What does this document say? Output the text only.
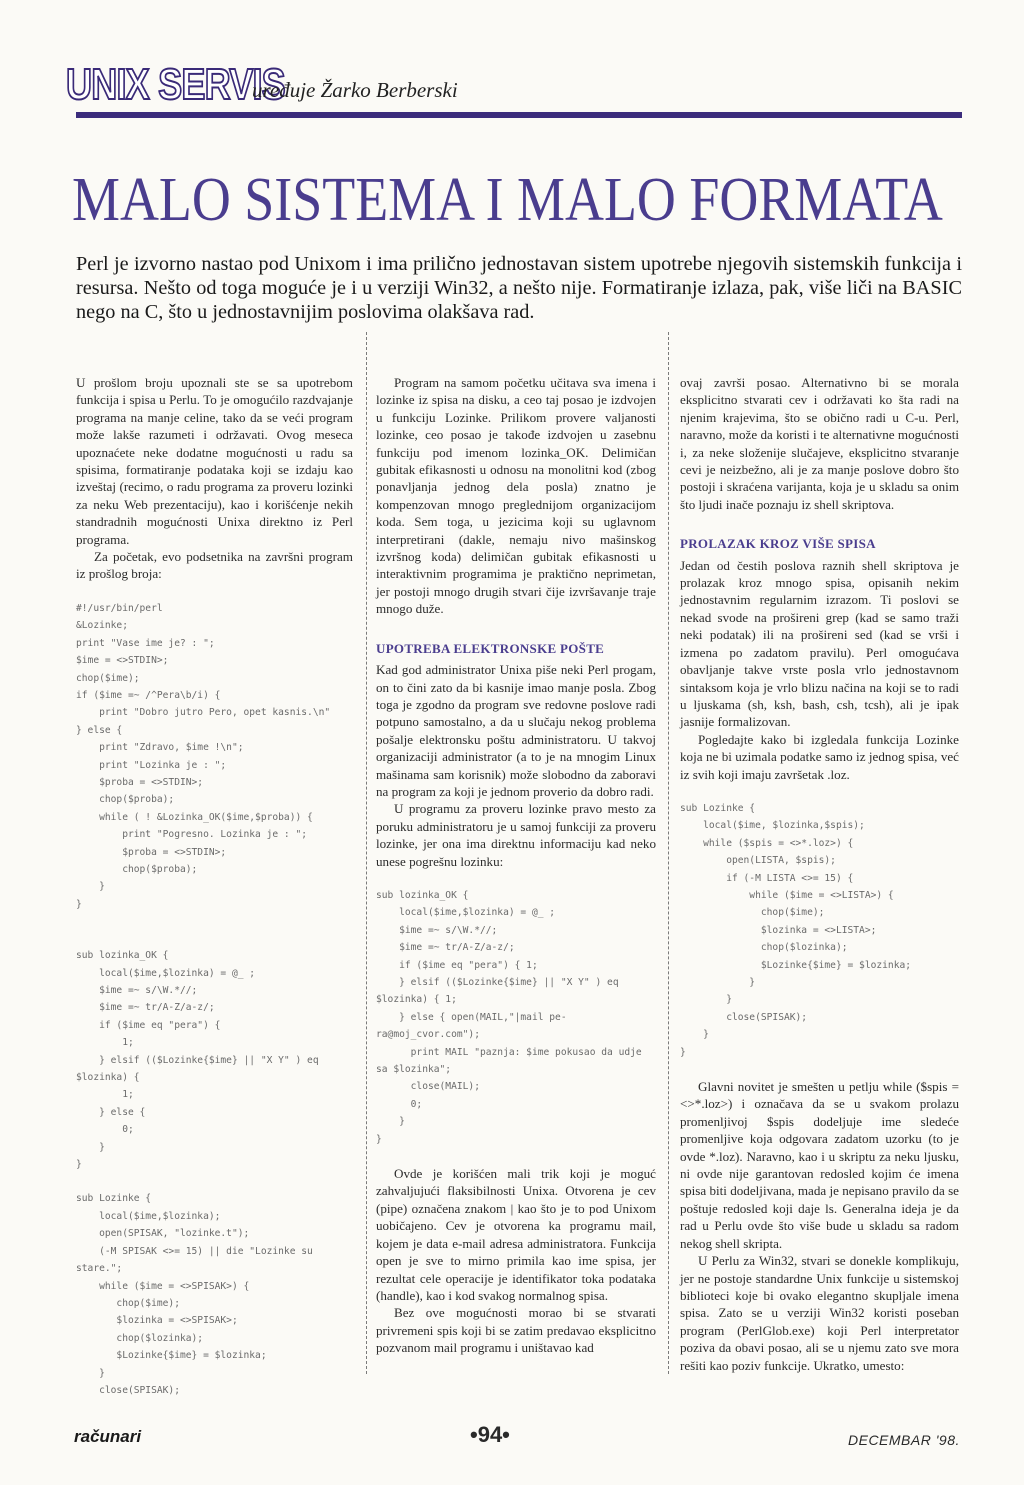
UNIX SERVIS
uređuje Žarko Berberski
MALO SISTEMA I MALO FORMATA
Perl je izvorno nastao pod Unixom i ima prilično jednostavan sistem upotrebe njegovih sistemskih funkcija i resursa. Nešto od toga moguće je i u verziji Win32, a nešto nije. Formatiranje izlaza, pak, više liči na BASIC nego na C, što u jednostavnijim poslovima olakšava rad.

U prošlom broju upoznali ste se sa upotrebom funkcija i spisa u Perlu. To je omogućilo razdvajanje programa na manje celine, tako da se veći program može lakše razumeti i održavati. Ovog meseca upoznaćete neke dodatne mogućnosti u radu sa spisima, formatiranje podataka koji se izdaju kao izveštaj (recimo, o radu programa za proveru lozinki za neku Web prezentaciju), kao i korišćenje nekih standradnih mogućnosti Unixa direktno iz Perl programa.

Za početak, evo podsetnika na završni program iz prošlog broja:

#!/usr/bin/perl
&Lozinke;
print "Vase ime je? : ";
$ime = <>STDIN>;
chop($ime);
if ($ime =~ /^Pera\b/i) {
print "Dobro jutro Pero, opet kasnis.\n"
} else {
print "Zdravo, $ime !\n";
print "Lozinka je : ";
$proba = <>STDIN>;
chop($proba);
while ( ! &Lozinka_OK($ime,$proba)) {
print "Pogresno. Lozinka je : ";
$proba = <>STDIN>;
chop($proba);
}
}
sub lozinka_OK {
local($ime,$lozinka) = @_ ;
$ime =~ s/\W.*//;
$ime =~ tr/A-Z/a-z/;
if ($ime eq "pera") {
1;
} elsif (($Lozinke{$ime} || "X Y" ) eq
$lozinka) {
1;
} else {
0;
}
}
sub Lozinke {
local($ime,$lozinka);
open(SPISAK, "lozinke.t");
(-M SPISAK <>= 15) || die "Lozinke su
stare.";
while ($ime = <>SPISAK>) {
chop($ime);
$lozinka = <>SPISAK>;
chop($lozinka);
$Lozinke{$ime} = $lozinka;
}
close(SPISAK);

Program na samom početku učitava sva imena i lozinke iz spisa na disku, a ceo taj posao je izdvojen u funkciju Lozinke. Prilikom provere valjanosti lozinke, ceo posao je takođe izdvojen u zasebnu funkciju pod imenom lozinka_OK. Delimičan gubitak efikasnosti u odnosu na monolitni kod (zbog ponavljanja jednog dela posla) znatno je kompenzovan mnogo preglednijom organizacijom koda. Sem toga, u jezicima koji su uglavnom interpretirani (dakle, nemaju nivo mašinskog izvršnog koda) delimičan gubitak efikasnosti u interaktivnim programima je praktično neprimetan, jer postoji mnogo drugih stvari čije izvršavanje traje mnogo duže.

UPOTREBA ELEKTRONSKE POŠTE

Kad god administrator Unixa piše neki Perl progam, on to čini zato da bi kasnije imao manje posla. Zbog toga je zgodno da program sve redovne poslove radi potpuno samostalno, a da u slučaju nekog problema pošalje elektronsku poštu administratoru. U takvoj organizaciji administrator (a to je na mnogim Linux mašinama sam korisnik) može slobodno da zaboravi na program za koji je jednom proverio da dobro radi.

U programu za proveru lozinke pravo mesto za poruku administratoru je u samoj funkciji za proveru lozinke, jer ona ima direktnu informaciju kad neko unese pogrešnu lozinku:

sub lozinka_OK {
local($ime,$lozinka) = @_ ;
$ime =~ s/\W.*//;
$ime =~ tr/A-Z/a-z/;
if ($ime eq "pera") { 1;
} elsif (($Lozinke{$ime} || "X Y" ) eq
$lozinka) { 1;
} else { open(MAIL,"|mail pe-
ra@moj_cvor.com");
print MAIL "paznja: $ime pokusao da udje
sa $lozinka";
close(MAIL);
0;
}
}

Ovde je korišćen mali trik koji je moguć zahvaljujući flaksibilnosti Unixa. Otvorena je cev (pipe) označena znakom | kao što je to pod Unixom uobičajeno. Cev je otvorena ka programu mail, kojem je data e-mail adresa administratora. Funkcija open je sve to mirno primila kao ime spisa, jer rezultat cele operacije je identifikator toka podataka (handle), kao i kod svakog normalnog spisa.

Bez ove mogućnosti morao bi se stvarati privremeni spis koji bi se zatim predavao eksplicitno pozvanom mail programu i uništavao kad

ovaj završi posao. Alternativno bi se morala eksplicitno stvarati cev i održavati ko šta radi na njenim krajevima, što se obično radi u C-u. Perl, naravno, može da koristi i te alternativne mogućnosti i, za neke složenije slučajeve, eksplicitno stvaranje cevi je neizbežno, ali je za manje poslove dobro što postoji i skraćena varijanta, koja je u skladu sa onim što ljudi inače poznaju iz shell skriptova.

PROLAZAK KROZ VIŠE SPISA

Jedan od čestih poslova raznih shell skriptova je prolazak kroz mnogo spisa, opisanih nekim jednostavnim regularnim izrazom. Ti poslovi se nekad svode na prošireni grep (kad se samo traži neki podatak) ili na prošireni sed (kad se vrši i izmena po zadatom pravilu). Perl omogućava obavljanje takve vrste posla vrlo jednostavnom sintaksom koja je vrlo blizu načina na koji se to radi u ljuskama (sh, ksh, bash, csh, tcsh), ali je ipak jasnije formalizovan.

Pogledajte kako bi izgledala funkcija Lozinke koja ne bi uzimala podatke samo iz jednog spisa, već iz svih koji imaju završetak .loz.

sub Lozinke {
local($ime, $lozinka,$spis);
while ($spis = <>*.loz>) {
open(LISTA, $spis);
if (-M LISTA <>= 15) {
while ($ime = <>LISTA>) {
chop($ime);
$lozinka = <>LISTA>;
chop($lozinka);
$Lozinke{$ime} = $lozinka;
}
}
close(SPISAK);
}
}

Glavni novitet je smešten u petlju while ($spis = <>*.loz>) i označava da se u svakom prolazu promenljivoj $spis dodeljuje ime sledeće promenljive koja odgovara zadatom uzorku (to je ovde *.loz). Naravno, kao i u skriptu za neku ljusku, ni ovde nije garantovan redosled kojim će imena spisa biti dodeljivana, mada je nepisano pravilo da se poštuje redosled koji daje ls. Generalna ideja je da rad u Perlu ovde što više bude u skladu sa radom nekog shell skripta.

U Perlu za Win32, stvari se donekle komplikuju, jer ne postoje standardne Unix funkcije u sistemskoj biblioteci koje bi ovako elegantno skupljale imena spisa. Zato se u verziji Win32 koristi poseban program (PerlGlob.exe) koji Perl interpretator poziva da obavi posao, ali se u njemu zato sve mora rešiti kao poziv funkcije. Ukratko, umesto:

računari	•94•	DECEMBAR '98.
